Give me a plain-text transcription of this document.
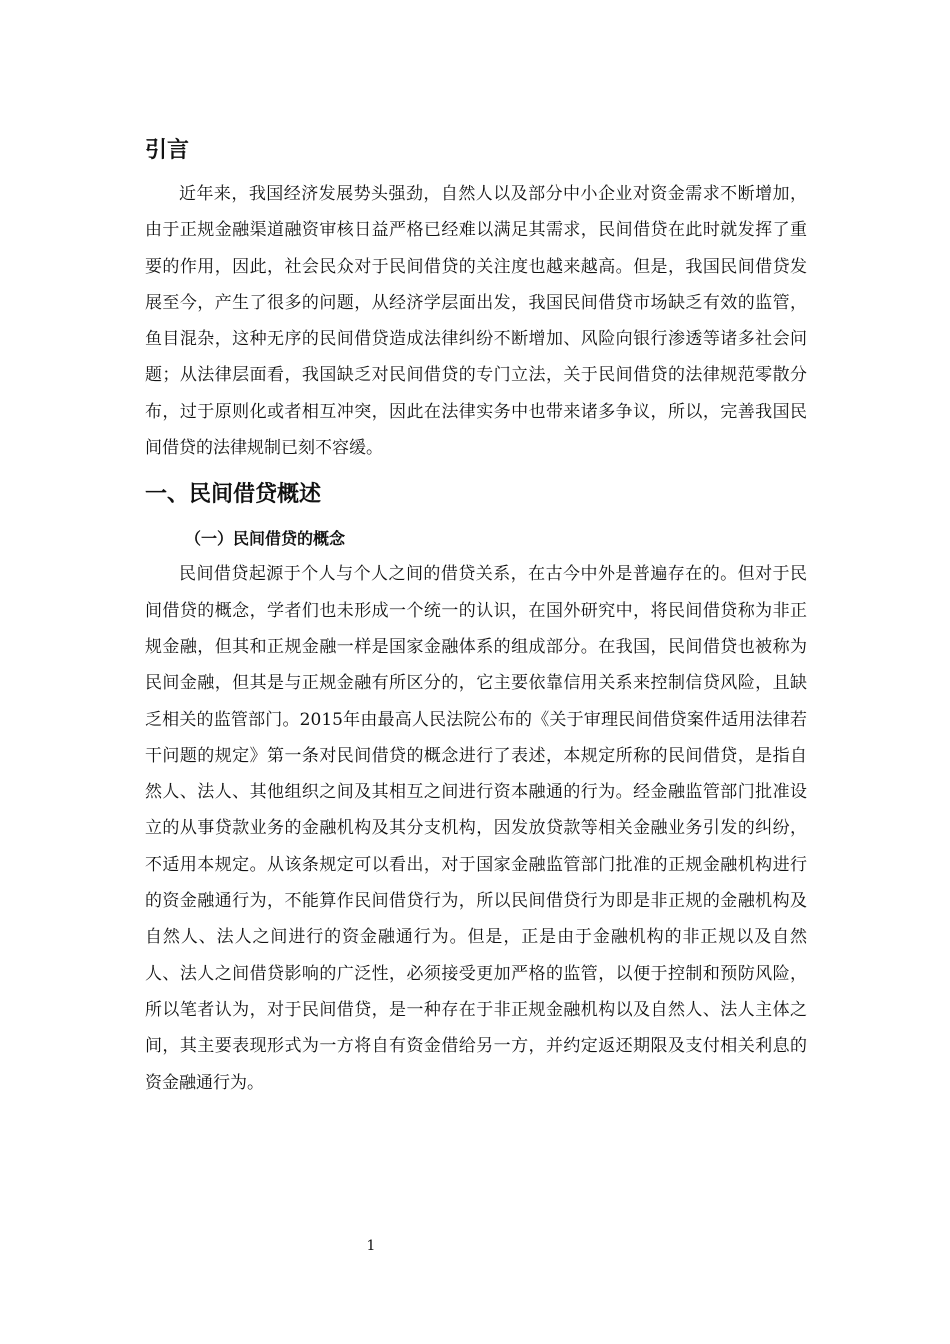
引言

近年来，我国经济发展势头强劲，自然人以及部分中小企业对资金需求不断增加，由于正规金融渠道融资审核日益严格已经难以满足其需求，民间借贷在此时就发挥了重要的作用，因此，社会民众对于民间借贷的关注度也越来越高。但是，我国民间借贷发展至今，产生了很多的问题，从经济学层面出发，我国民间借贷市场缺乏有效的监管，鱼目混杂，这种无序的民间借贷造成法律纠纷不断增加、风险向银行渗透等诸多社会问题；从法律层面看，我国缺乏对民间借贷的专门立法，关于民间借贷的法律规范零散分布，过于原则化或者相互冲突，因此在法律实务中也带来诸多争议，所以，完善我国民间借贷的法律规制已刻不容缓。

一、民间借贷概述
（一）民间借贷的概念

民间借贷起源于个人与个人之间的借贷关系，在古今中外是普遍存在的。但对于民间借贷的概念，学者们也未形成一个统一的认识，在国外研究中，将民间借贷称为非正规金融，但其和正规金融一样是国家金融体系的组成部分。在我国，民间借贷也被称为民间金融，但其是与正规金融有所区分的，它主要依靠信用关系来控制信贷风险，且缺乏相关的监管部门。2015年由最高人民法院公布的《关于审理民间借贷案件适用法律若干问题的规定》第一条对民间借贷的概念进行了表述，本规定所称的民间借贷，是指自然人、法人、其他组织之间及其相互之间进行资本融通的行为。经金融监管部门批准设立的从事贷款业务的金融机构及其分支机构，因发放贷款等相关金融业务引发的纠纷，不适用本规定。从该条规定可以看出，对于国家金融监管部门批准的正规金融机构进行的资金融通行为，不能算作民间借贷行为，所以民间借贷行为即是非正规的金融机构及自然人、法人之间进行的资金融通行为。但是，正是由于金融机构的非正规以及自然人、法人之间借贷影响的广泛性，必须接受更加严格的监管，以便于控制和预防风险，所以笔者认为，对于民间借贷，是一种存在于非正规金融机构以及自然人、法人主体之间，其主要表现形式为一方将自有资金借给另一方，并约定返还期限及支付相关利息的资金融通行为。

1
